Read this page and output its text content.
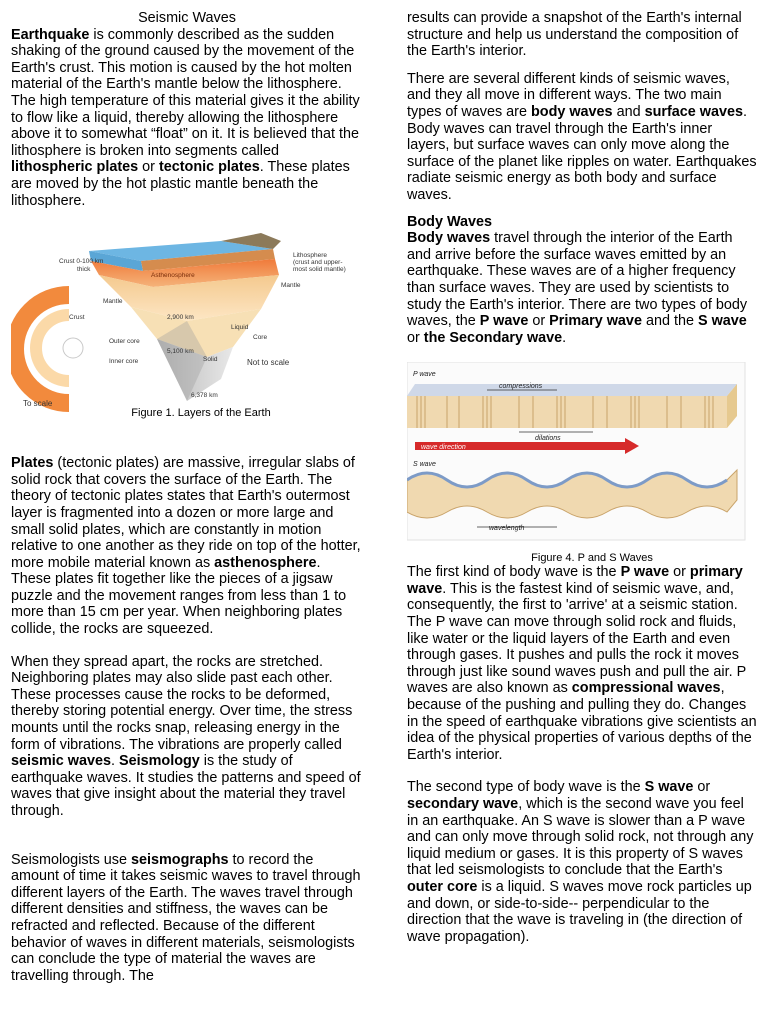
Seismic Waves

Earthquake is commonly described as the sudden shaking of the ground caused by the movement of the Earth's crust. This motion is caused by the hot molten material of the Earth's mantle below the lithosphere. The high temperature of this material gives it the ability to flow like a liquid, thereby allowing the lithosphere above it to somewhat “float” on it. It is believed that the lithosphere is broken into segments called lithospheric plates or tectonic plates. These plates are moved by the hot plastic mantle beneath the lithosphere.

Crust 0-100 km
thick
Asthenosphere
Mantle
Crust
Outer core
Inner core
To scale
Lithosphere
(crust and upper-
most solid mantle)
Mantle
2,900 km
Liquid
Core
5,100 km
Solid	Not to scale
6,378 km
Figure 1. Layers of the Earth

Plates (tectonic plates) are massive, irregular slabs of solid rock that covers the surface of the Earth. The theory of tectonic plates states that Earth's outermost layer is fragmented into a dozen or more large and small solid plates, which are constantly in motion relative to one another as they ride on top of the hotter, more mobile material known as asthenosphere. These plates fit together like the pieces of a jigsaw puzzle and the movement ranges from less than 1 to more than 15 cm per year. When neighboring plates collide, the rocks are squeezed.

When they spread apart, the rocks are stretched. Neighboring plates may also slide past each other. These processes cause the rocks to be deformed, thereby storing potential energy. Over time, the stress mounts until the rocks snap, releasing energy in the form of vibrations. The vibrations are properly called seismic waves. Seismology is the study of earthquake waves. It studies the patterns and speed of waves that give insight about the material they travel through.

Seismologists use seismographs to record the amount of time it takes seismic waves to travel through different layers of the Earth. The waves travel through different densities and stiffness, the waves can be refracted and reflected. Because of the different behavior of waves in different materials, seismologists can conclude the type of material the waves are travelling through. The

results can provide a snapshot of the Earth's internal structure and help us understand the composition of the Earth's interior.

There are several different kinds of seismic waves, and they all move in different ways. The two main types of waves are body waves and surface waves. Body waves can travel through the Earth's inner layers, but surface waves can only move along the surface of the planet like ripples on water. Earthquakes radiate seismic energy as both body and surface waves.

Body Waves

Body waves travel through the interior of the Earth and arrive before the surface waves emitted by an earthquake. These waves are of a higher frequency than surface waves. They are used by scientists to study the Earth's interior. There are two types of body waves, the P wave or Primary wave and the S wave or the Secondary wave.

P wave
compressions
dilations
wave direction
S wave
wavelength
Figure 4. P and S Waves

The first kind of body wave is the P wave or primary wave. This is the fastest kind of seismic wave, and, consequently, the first to 'arrive' at a seismic station. The P wave can move through solid rock and fluids, like water or the liquid layers of the Earth and even through gases. It pushes and pulls the rock it moves through just like sound waves push and pull the air. P waves are also known as compressional waves, because of the pushing and pulling they do. Changes in the speed of earthquake vibrations give scientists an idea of the physical properties of various depths of the Earth's interior.

The second type of body wave is the S wave or secondary wave, which is the second wave you feel in an earthquake. An S wave is slower than a P wave and can only move through solid rock, not through any liquid medium or gases. It is this property of S waves that led seismologists to conclude that the Earth's outer core is a liquid. S waves move rock particles up and down, or side-to-side-- perpendicular to the direction that the wave is traveling in (the direction of wave propagation).
